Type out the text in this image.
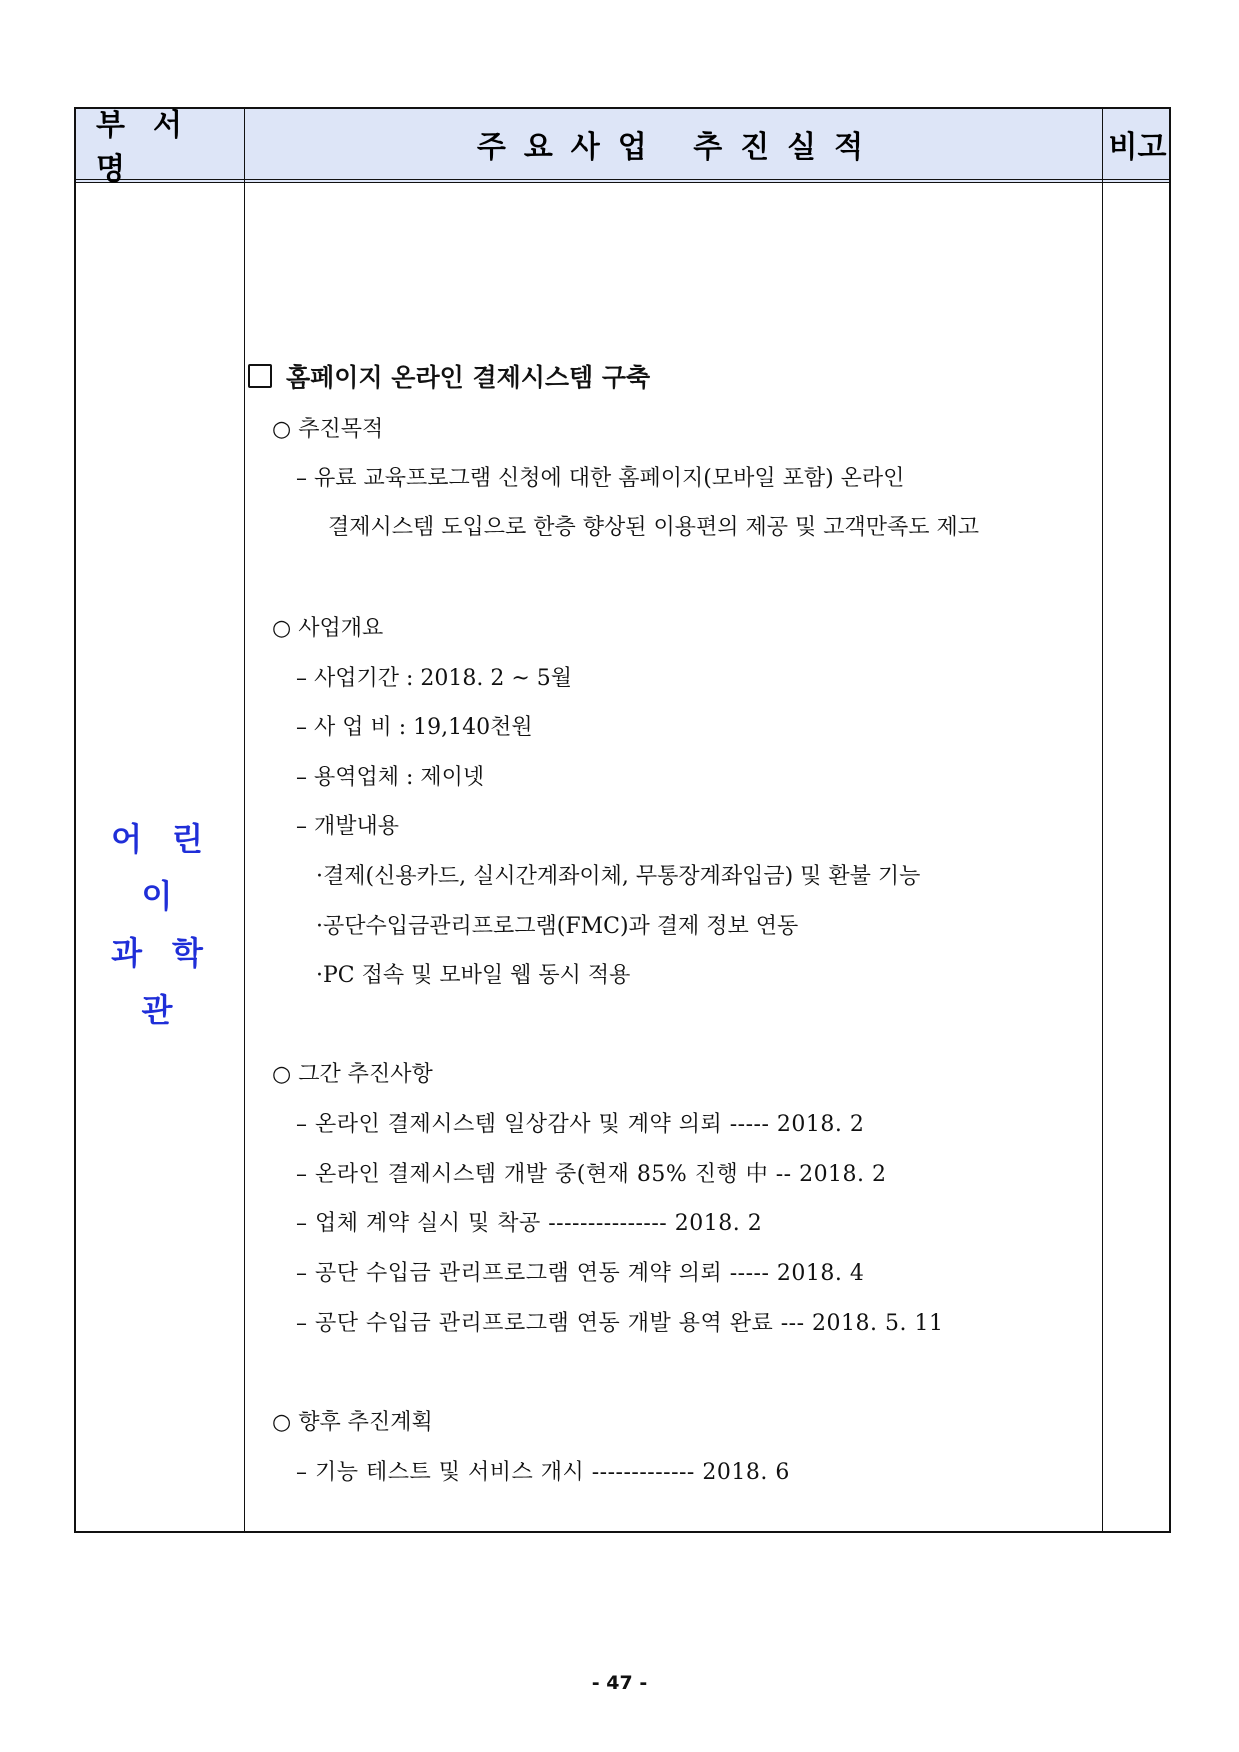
부서명
주요사업 추진실적	비고
어린이
과학관
홈페이지 온라인 결제시스템 구축
○ 추진목적
– 유료 교육프로그램 신청에 대한 홈페이지(모바일 포함) 온라인
결제시스템 도입으로 한층 향상된 이용편의 제공 및 고객만족도 제고
○ 사업개요
– 사업기간 : 2018. 2 ~ 5월
– 사 업 비 : 19,140천원
– 용역업체 : 제이넷
– 개발내용
·결제(신용카드, 실시간계좌이체, 무통장계좌입금) 및 환불 기능
·공단수입금관리프로그램(FMC)과 결제 정보 연동
·PC 접속 및 모바일 웹 동시 적용
○ 그간 추진사항
– 온라인 결제시스템 일상감사 및 계약 의뢰 ----- 2018. 2
– 온라인 결제시스템 개발 중(현재 85% 진행 中 -- 2018. 2
– 업체 계약 실시 및 착공 --------------- 2018. 2
– 공단 수입금 관리프로그램 연동 계약 의뢰 ----- 2018. 4
– 공단 수입금 관리프로그램 연동 개발 용역 완료 --- 2018. 5. 11
○ 향후 추진계획
– 기능 테스트 및 서비스 개시 ------------- 2018. 6
- 47 -
